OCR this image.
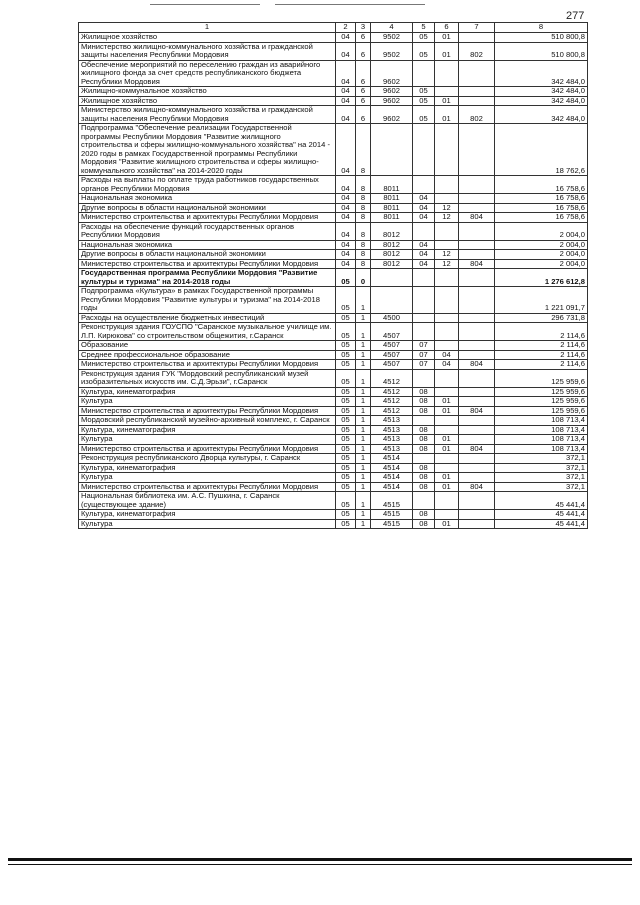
277
1	2	3	4	5	6	7	8
Жилищное хозяйство	04	6	9502	05	01		510 800,8
Министерство жилищно-коммунального хозяйства и гражданской защиты населения Республики Мордовия	04	6	9502	05	01	802	510 800,8
Обеспечение мероприятий по переселению граждан из аварийного жилищного фонда за счет средств республиканского бюджета Республики Мордовия	04	6	9602				342 484,0
Жилищно-коммунальное хозяйство	04	6	9602	05			342 484,0
Жилищное хозяйство	04	6	9602	05	01		342 484,0
Министерство жилищно-коммунального хозяйства и гражданской защиты населения Республики Мордовия	04	6	9602	05	01	802	342 484,0
Подпрограмма "Обеспечение реализации Государственной программы Республики Мордовия "Развитие жилищного строительства и сферы жилищно-коммунального хозяйства" на 2014 - 2020 годы в рамках Государственной программы Республики Мордовия "Развитие жилищного строительства и сферы жилищно-коммунального хозяйства" на 2014-2020 годы	04	8					18 762,6
Расходы на выплаты по оплате труда работников государственных органов Республики Мордовия	04	8	8011				16 758,6
Национальная экономика	04	8	8011	04			16 758,6
Другие вопросы в области национальной экономики	04	8	8011	04	12		16 758,6
Министерство строительства и архитектуры Республики Мордовия	04	8	8011	04	12	804	16 758,6
Расходы на обеспечение функций государственных органов Республики Мордовия	04	8	8012				2 004,0
Национальная экономика	04	8	8012	04			2 004,0
Другие вопросы в области национальной экономики	04	8	8012	04	12		2 004,0
Министерство строительства и архитектуры Республики Мордовия	04	8	8012	04	12	804	2 004,0
Государственная программа Республики Мордовия "Развитие культуры и туризма" на 2014-2018 годы	05	0					1 276 612,8
Подпрограмма «Культура» в рамках Государственной программы Республики Мордовия "Развитие культуры и туризма" на 2014-2018 годы	05	1					1 221 091,7
Расходы на осуществление бюджетных инвестиций	05	1	4500				296 731,8
Реконструкция здания ГОУСПО "Саранское музыкальное училище им. Л.П. Кирюкова" со строительством общежития, г.Саранск	05	1	4507				2 114,6
Образование	05	1	4507	07			2 114,6
Среднее профессиональное образование	05	1	4507	07	04		2 114,6
Министерство строительства и архитектуры Республики Мордовия	05	1	4507	07	04	804	2 114,6
Реконструкция здания ГУК "Мордовский республиканский музей изобразительных искусств им. С.Д.Эрьзи", г.Саранск	05	1	4512				125 959,6
Культура, кинематография	05	1	4512	08			125 959,6
Культура	05	1	4512	08	01		125 959,6
Министерство строительства и архитектуры Республики Мордовия	05	1	4512	08	01	804	125 959,6
Мордовский республиканский музейно-архивный комплекс, г. Саранск	05	1	4513				108 713,4
Культура, кинематография	05	1	4513	08			108 713,4
Культура	05	1	4513	08	01		108 713,4
Министерство строительства и архитектуры Республики Мордовия	05	1	4513	08	01	804	108 713,4
Реконструкция республиканского Дворца культуры, г. Саранск	05	1	4514				372,1
Культура, кинематография	05	1	4514	08			372,1
Культура	05	1	4514	08	01		372,1
Министерство строительства и архитектуры Республики Мордовия	05	1	4514	08	01	804	372,1
Национальная библиотека им. А.С. Пушкина, г. Саранск (существующее здание)	05	1	4515				45 441,4
Культура, кинематография	05	1	4515	08			45 441,4
Культура	05	1	4515	08	01		45 441,4
